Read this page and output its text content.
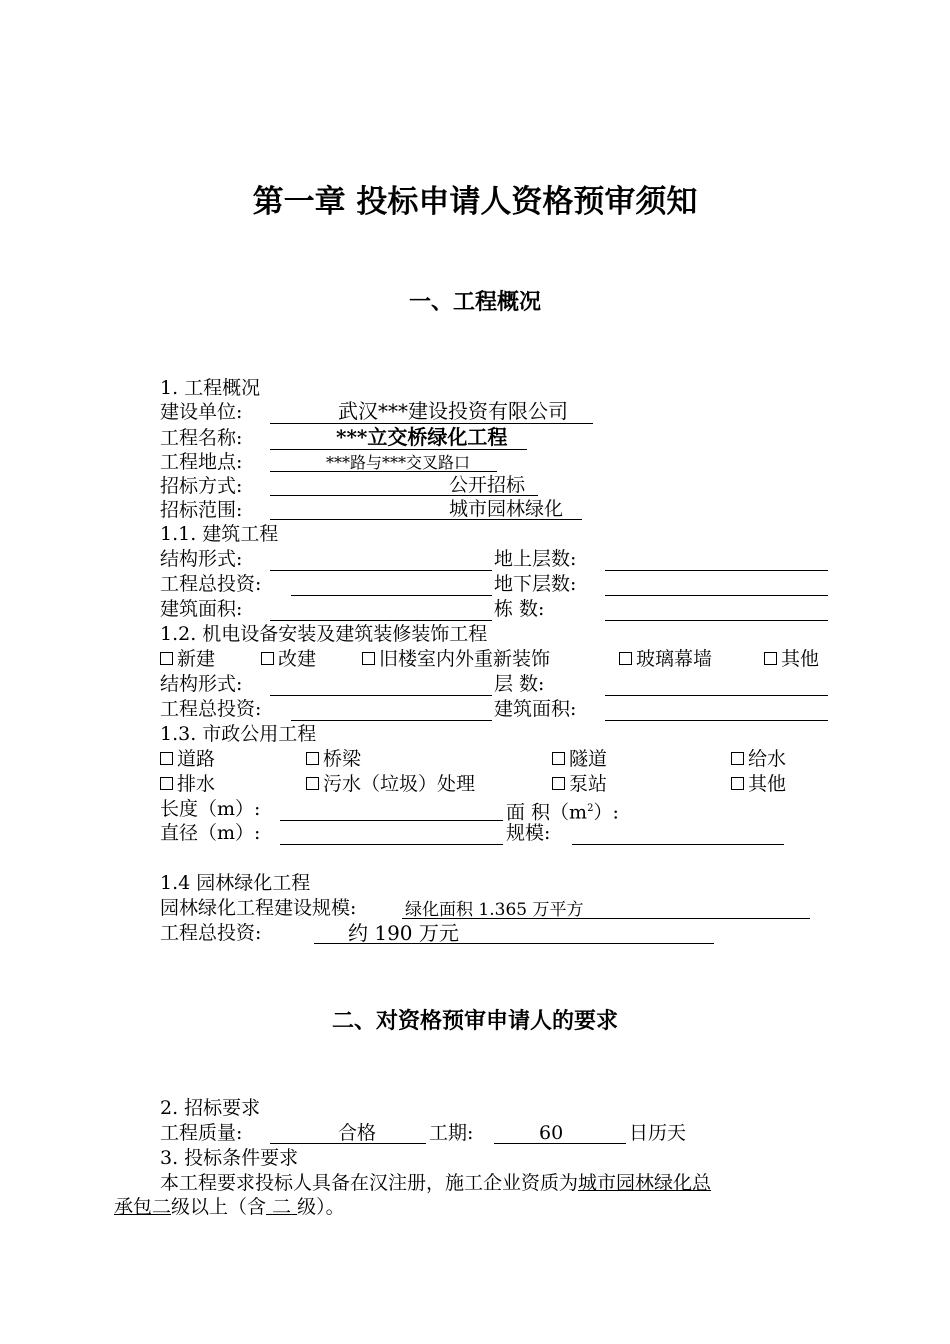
第一章 投标申请人资格预审须知
一、工程概况
1. 工程概况
建设单位:	武汉***建设投资有限公司
工程名称:	***立交桥绿化工程
工程地点:	***路与***交叉路口
招标方式:	公开招标
招标范围:	城市园林绿化
1.1. 建筑工程
结构形式:	地上层数:
工程总投资:	地下层数:
建筑面积:	栋 数:
1.2. 机电设备安装及建筑装修装饰工程
新建	改建	旧楼室内外重新装饰	玻璃幕墙	其他
结构形式:	层 数:
工程总投资:	建筑面积:
1.3. 市政公用工程
道路	桥梁	隧道	给水
排水	污水（垃圾）处理	泵站	其他
长度（m）:	面 积$(m^2)$:
直径（m）:	规模:
1.4 园林绿化工程
园林绿化工程建设规模:	绿化面积 1.365 万平方
工程总投资:	约 190 万元
二、对资格预审申请人的要求
2. 招标要求
工程质量:	合格	工期:	60	日历天
3. 投标条件要求
本工程要求投标人具备在汉注册，施工企业资质为城市园林绿化总
承包二级以上（含 二 级）。
